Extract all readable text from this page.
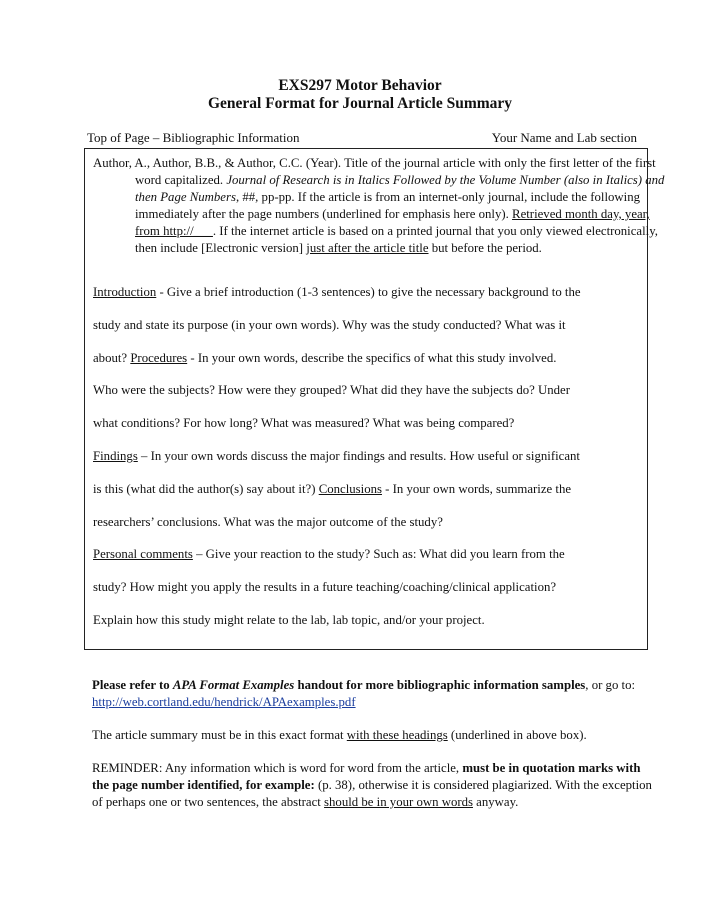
EXS297 Motor Behavior
General Format for Journal Article Summary
Top of Page – Bibliographic Information	Your Name and Lab section
Author, A., Author, B.B., & Author, C.C. (Year). Title of the journal article with only the first letter of the first word capitalized. Journal of Research is in Italics Followed by the Volume Number (also in Italics) and then Page Numbers, ##, pp-pp. If the article is from an internet-only journal, include the following immediately after the page numbers (underlined for emphasis here only). Retrieved month day, year, from http://___. If the internet article is based on a printed journal that you only viewed electronically, then include [Electronic version] just after the article title but before the period.
Introduction - Give a brief introduction (1-3 sentences) to give the necessary background to the
study and state its purpose (in your own words). Why was the study conducted? What was it
about? Procedures - In your own words, describe the specifics of what this study involved.
Who were the subjects? How were they grouped? What did they have the subjects do? Under
what conditions? For how long? What was measured? What was being compared?
Findings – In your own words discuss the major findings and results. How useful or significant
is this (what did the author(s) say about it?) Conclusions - In your own words, summarize the
researchers’ conclusions. What was the major outcome of the study?
Personal comments – Give your reaction to the study? Such as: What did you learn from the
study? How might you apply the results in a future teaching/coaching/clinical application?
Explain how this study might relate to the lab, lab topic, and/or your project.
Please refer to APA Format Examples handout for more bibliographic information samples, or go to: http://web.cortland.edu/hendrick/APAexamples.pdf
The article summary must be in this exact format with these headings (underlined in above box).
REMINDER: Any information which is word for word from the article, must be in quotation marks with the page number identified, for example: (p. 38), otherwise it is considered plagiarized. With the exception of perhaps one or two sentences, the abstract should be in your own words anyway.
